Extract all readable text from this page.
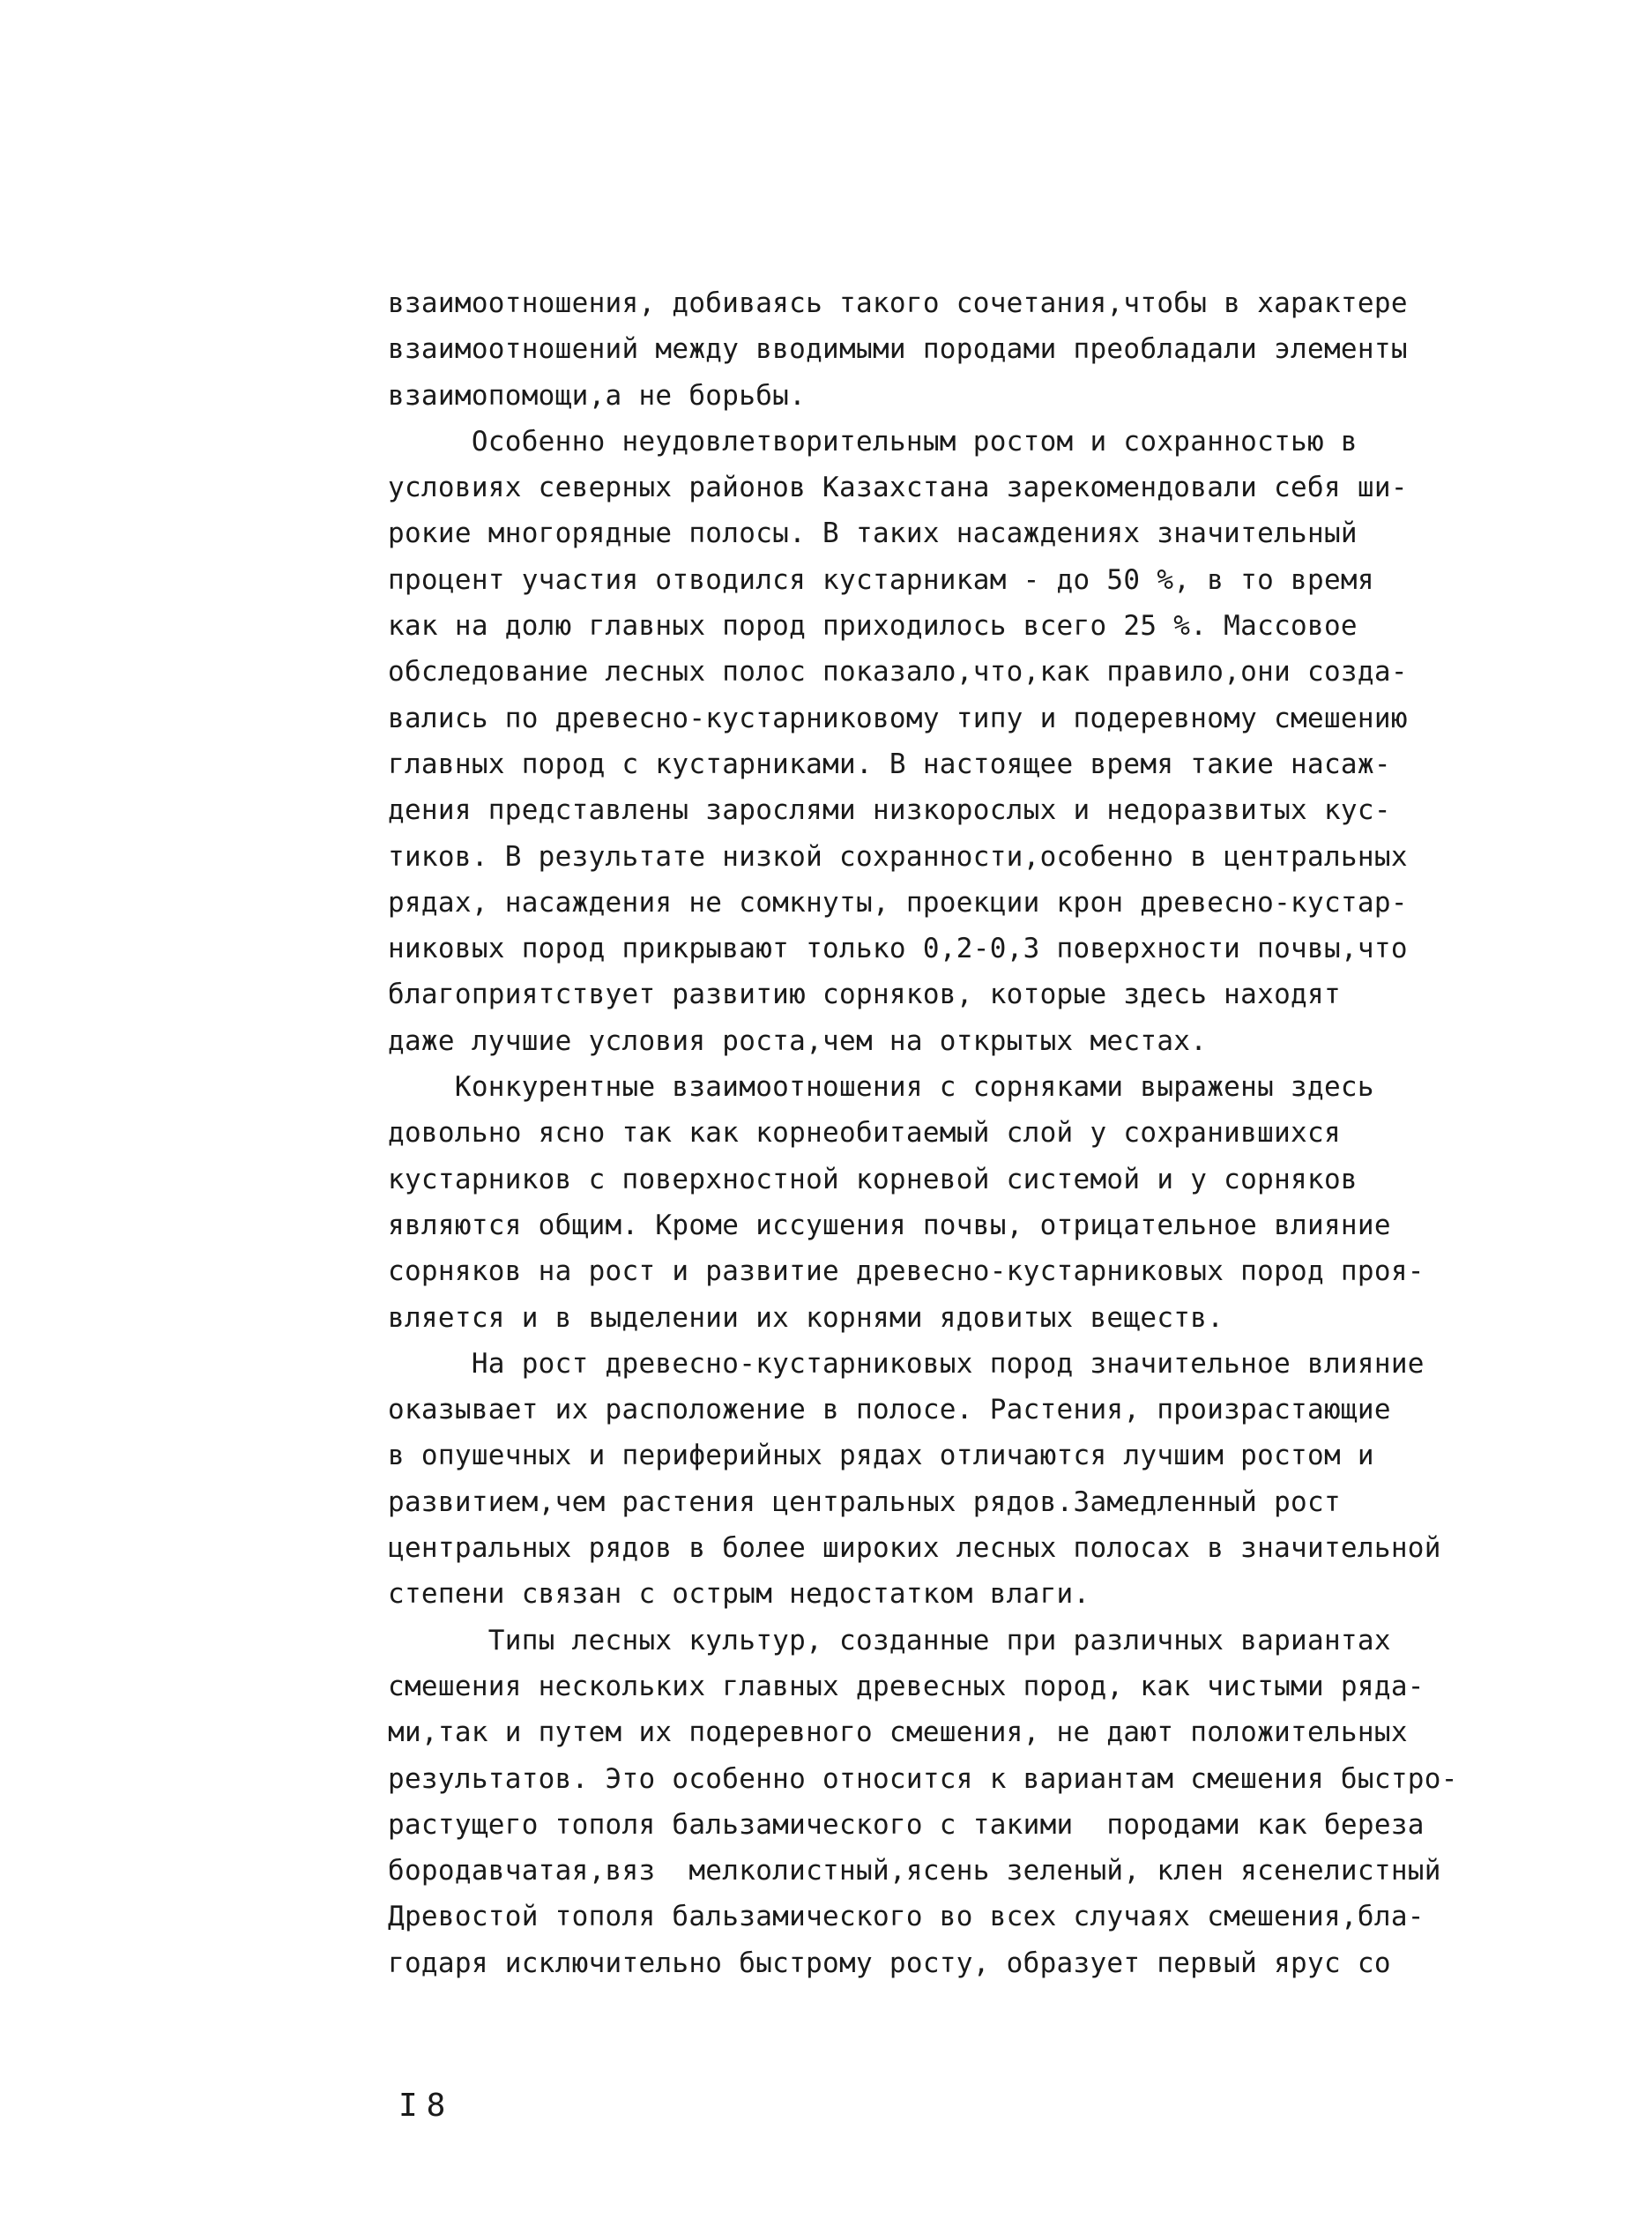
взаимоотношения, добиваясь такого сочетания,чтобы в характере
взаимоотношений между вводимыми породами преобладали элементы
взаимопомощи,а не борьбы.
Особенно неудовлетворительным ростом и сохранностью в
условиях северных районов Казахстана зарекомендовали себя ши-
рокие многорядные полосы. В таких насаждениях значительный
процент участия отводился кустарникам - до 50 %, в то время
как на долю главных пород приходилось всего 25 %. Массовое
обследование лесных полос показало,что,как правило,они созда-
вались по древесно-кустарниковому типу и подеревному смешению
главных пород с кустарниками. В настоящее время такие насаж-
дения представлены зарослями низкорослых и недоразвитых кус-
тиков. В результате низкой сохранности,особенно в центральных
рядах, насаждения не сомкнуты, проекции крон древесно-кустар-
никовых пород прикрывают только 0,2-0,3 поверхности почвы,что
благоприятствует развитию сорняков, которые здесь находят
даже лучшие условия роста,чем на открытых местах.
Конкурентные взаимоотношения с сорняками выражены здесь
довольно ясно так как корнеобитаемый слой у сохранившихся
кустарников с поверхностной корневой системой и у сорняков
являются общим. Кроме иссушения почвы, отрицательное влияние
сорняков на рост и развитие древесно-кустарниковых пород проя-
вляется и в выделении их корнями ядовитых веществ.
На рост древесно-кустарниковых пород значительное влияние
оказывает их расположение в полосе. Растения, произрастающие
в опушечных и периферийных рядах отличаются лучшим ростом и
развитием,чем растения центральных рядов.Замедленный рост
центральных рядов в более широких лесных полосах в значительной
степени связан с острым недостатком влаги.
Типы лесных культур, созданные при различных вариантах
смешения нескольких главных древесных пород, как чистыми ряда-
ми,так и путем их подеревного смешения, не дают положительных
результатов. Это особенно относится к вариантам смешения быстро-
растущего тополя бальзамического с такими  породами как береза
бородавчатая,вяз  мелколистный,ясень зеленый, клен ясенелистный
Древостой тополя бальзамического во всех случаях смешения,бла-
годаря исключительно быстрому росту, образует первый ярус со
I8
